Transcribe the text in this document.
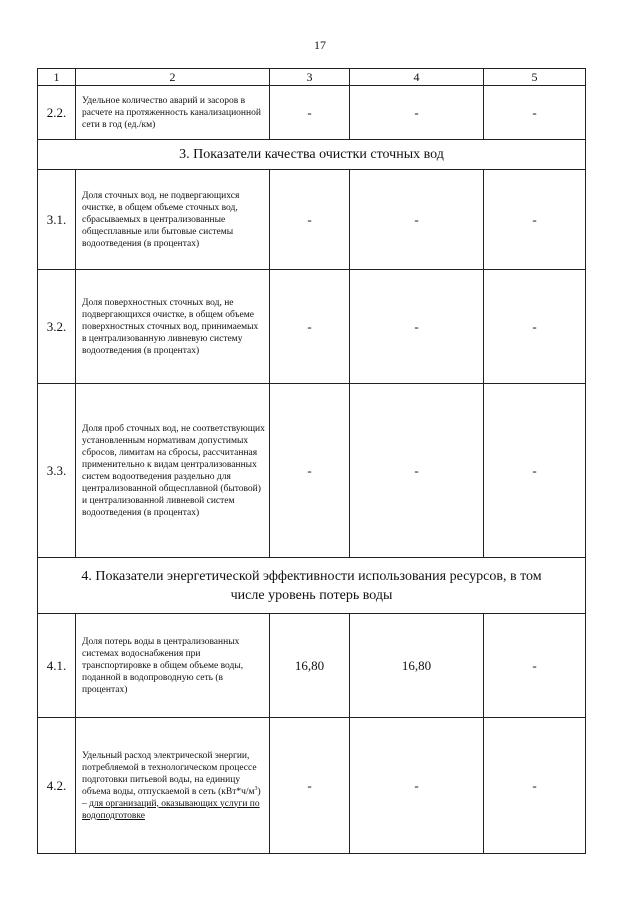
17
1	2	3	4	5
2.2.	Удельное количество аварий и засоров в расчете на протяженность канализационной сети в год (ед./км)	-	-	-
3. Показатели качества очистки сточных вод				
3.1.	Доля сточных вод, не подвергающихся очистке, в общем объеме сточных вод, сбрасываемых в централизованные общесплавные или бытовые системы водоотведения (в процентах)	-	-	-
3.2.	Доля поверхностных сточных вод, не подвергающихся очистке, в общем объеме поверхностных сточных вод, принимаемых в централизованную ливневую систему водоотведения (в процентах)	-	-	-
3.3.	Доля проб сточных вод, не соответствующих установленным нормативам допустимых сбросов, лимитам на сбросы, рассчитанная применительно к видам централизованных систем водоотведения раздельно для централизованной общесплавной (бытовой) и централизованной ливневой систем водоотведения (в процентах)	-	-	-

4. Показатели энергетической эффективности использования ресурсов, в том
числе уровень потерь воды				

4.1.	Доля потерь воды в централизованных системах водоснабжения при транспортировке в общем объеме воды, поданной в водопроводную сеть (в процентах)	16,80	16,80	-
4.2.	Удельный расход электрической энергии, потребляемой в технологическом процессе подготовки питьевой воды, на единицу объема воды, отпускаемой в сеть $(кВт*ч/м^3)$ – для организаций, оказывающих услуги по водоподготовке	-	-	-
